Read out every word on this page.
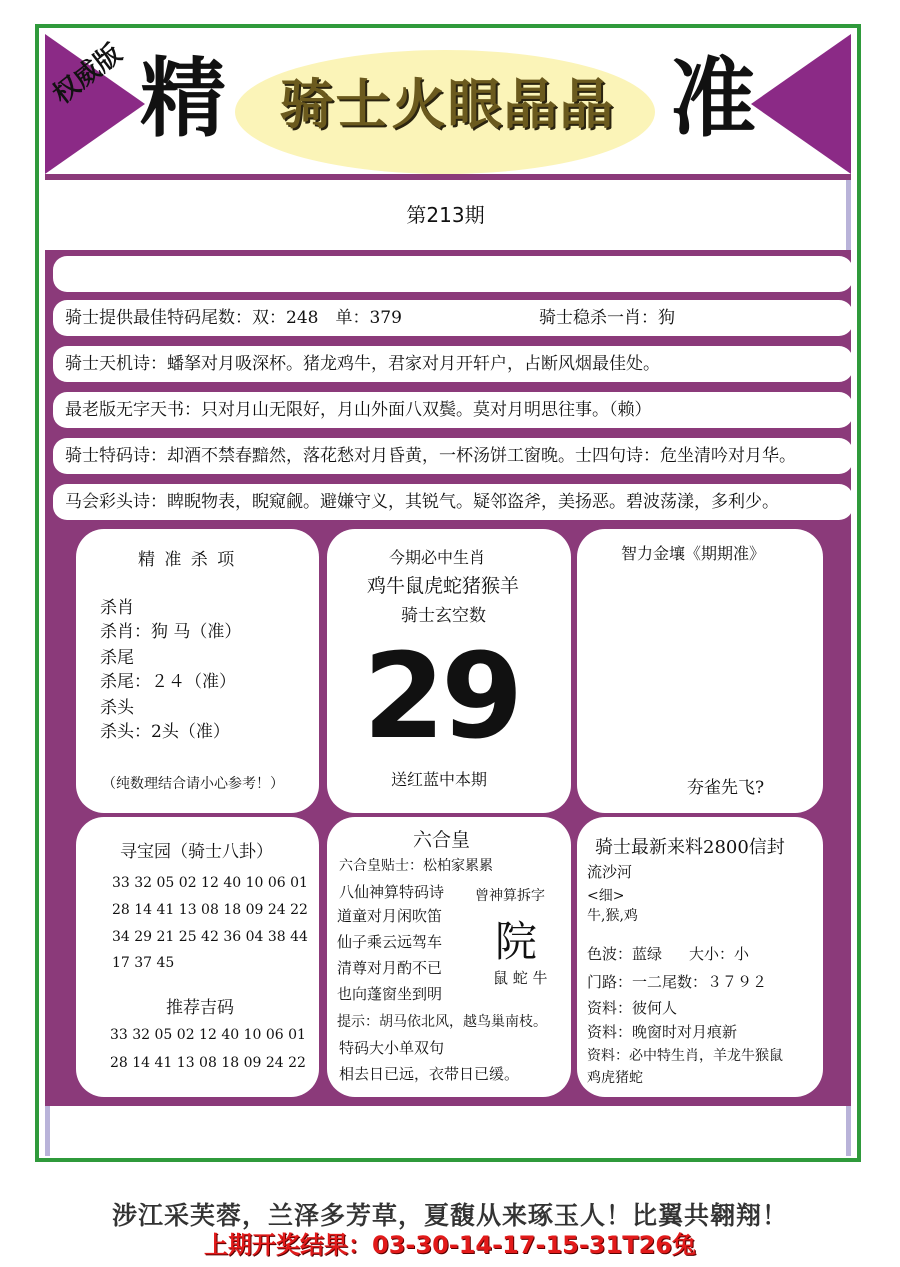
权威版 精 骑士火眼晶晶 准
第213期
骑士提供最佳特码尾数：双：248　单：379	骑士稳杀一肖：狗
骑士天机诗：蟠拏对月吸深杯。猪龙鸡牛，君家对月开轩户，占断风烟最佳处。
最老版无字天书：只对月山无限好，月山外面八双鬓。莫对月明思往事。（赖）
骑士特码诗：却酒不禁春黯然，落花愁对月昏黄，一杯汤饼工窗晚。士四句诗：危坐清吟对月华。
马会彩头诗：睥睨物表，睨窥觎。避嫌守义，其锐气。疑邻盗斧，美扬恶。碧波荡漾，多利少。
精 准 杀 项
杀肖
杀肖：狗 马（准）
杀尾
杀尾：２４（准）
杀头
杀头：2头（准）
（纯数理结合请小心参考！）
今期必中生肖
鸡牛鼠虎蛇猪猴羊
骑士玄空数
29
送红蓝中本期
智力金壤《期期准》
夯雀先飞?
寻宝园（骑士八卦）
33 32 05 02 12 40 10 06 01
28 14 41 13 08 18 09 24 22
34 29 21 25 42 36 04 38 44
17 37 45
推荐吉码
33 32 05 02 12 40 10 06 01
28 14 41 13 08 18 09 24 22
六合皇
六合皇贴士：松柏家累累
八仙神算特码诗
道童对月闲吹笛
仙子乘云远驾车
清尊对月酌不已
也向蓬窗坐到明
曾神算拆字
院
鼠 蛇 牛
提示：胡马依北风，越鸟巢南枝。
特码大小单双句
相去日已远，衣带日已缓。
骑士最新来料2800信封
流沙河
<细>
牛,猴,鸡
色波：蓝绿 大小：小
门路：一二尾数：３７９２
资料：彼何人
资料：晚窗时对月痕新
资料：必中特生肖，羊龙牛猴鼠
鸡虎猪蛇
涉江采芙蓉，兰泽多芳草，夏馥从来琢玉人！比翼共翱翔！
上期开奖结果：03-30-14-17-15-31T26兔
